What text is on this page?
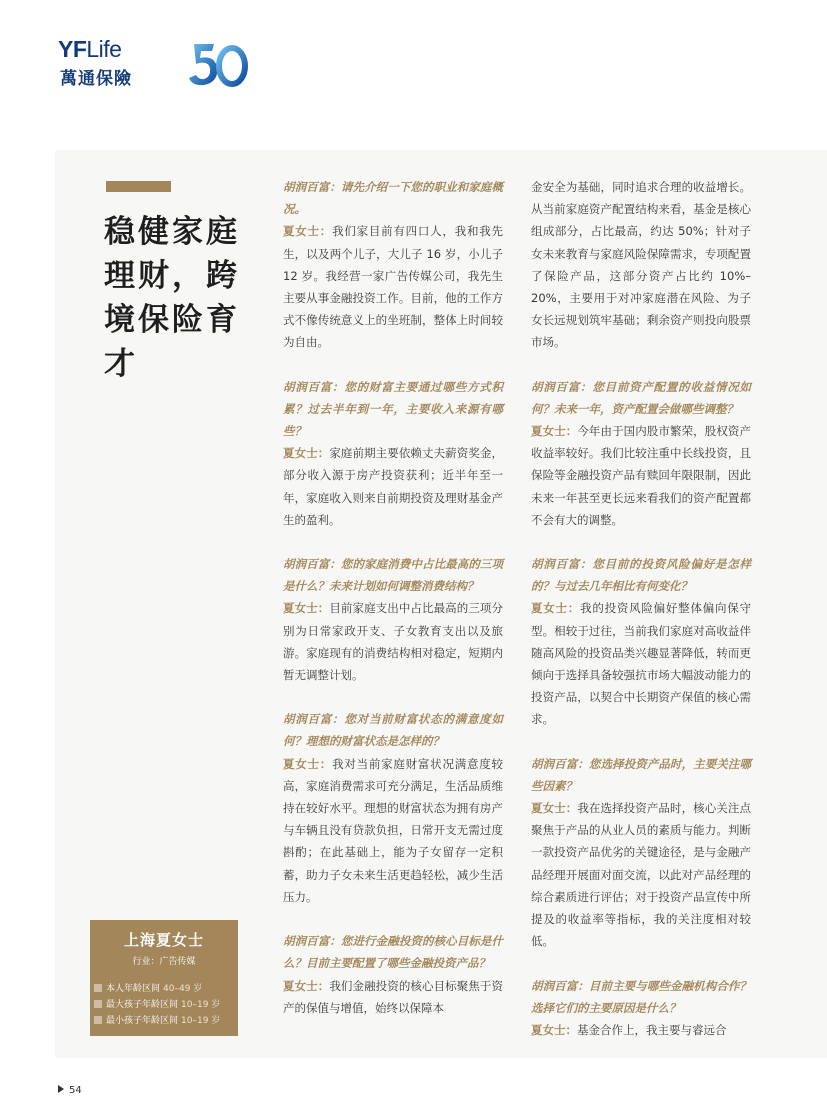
YFLife
萬通保險
稳健家庭理财，跨境保险育才
上海夏女士
行业：广告传媒
本人年龄区间 40–49 岁
最大孩子年龄区间 10–19 岁
最小孩子年龄区间 10–19 岁
胡润百富：请先介绍一下您的职业和家庭概况。
夏女士：我们家目前有四口人，我和我先生，以及两个儿子，大儿子 16 岁，小儿子 12 岁。我经营一家广告传媒公司，我先生主要从事金融投资工作。目前，他的工作方式不像传统意义上的坐班制，整体上时间较为自由。
胡润百富：您的财富主要通过哪些方式积累？过去半年到一年，主要收入来源有哪些？
夏女士：家庭前期主要依赖丈夫薪资奖金，部分收入源于房产投资获利；近半年至一年，家庭收入则来自前期投资及理财基金产生的盈利。
胡润百富：您的家庭消费中占比最高的三项是什么？未来计划如何调整消费结构？
夏女士：目前家庭支出中占比最高的三项分别为日常家政开支、子女教育支出以及旅游。家庭现有的消费结构相对稳定，短期内暂无调整计划。
胡润百富：您对当前财富状态的满意度如何？理想的财富状态是怎样的？
夏女士：我对当前家庭财富状况满意度较高，家庭消费需求可充分满足，生活品质维持在较好水平。理想的财富状态为拥有房产与车辆且没有贷款负担，日常开支无需过度斟酌；在此基础上，能为子女留存一定积蓄，助力子女未来生活更趋轻松，减少生活压力。
胡润百富：您进行金融投资的核心目标是什么？目前主要配置了哪些金融投资产品？
夏女士：我们金融投资的核心目标聚焦于资产的保值与增值，始终以保障本
金安全为基础，同时追求合理的收益增长。从当前家庭资产配置结构来看，基金是核心组成部分，占比最高，约达 50%；针对子女未来教育与家庭风险保障需求，专项配置了保险产品，这部分资产占比约 10%–20%，主要用于对冲家庭潜在风险、为子女长远规划筑牢基础；剩余资产则投向股票市场。
胡润百富：您目前资产配置的收益情况如何？未来一年，资产配置会做哪些调整？
夏女士：今年由于国内股市繁荣，股权资产收益率较好。我们比较注重中长线投资，且保险等金融投资产品有赎回年限限制，因此未来一年甚至更长远来看我们的资产配置都不会有大的调整。
胡润百富：您目前的投资风险偏好是怎样的？与过去几年相比有何变化？
夏女士：我的投资风险偏好整体偏向保守型。相较于过往，当前我们家庭对高收益伴随高风险的投资品类兴趣显著降低，转而更倾向于选择具备较强抗市场大幅波动能力的投资产品，以契合中长期资产保值的核心需求。
胡润百富：您选择投资产品时，主要关注哪些因素？
夏女士：我在选择投资产品时，核心关注点聚焦于产品的从业人员的素质与能力。判断一款投资产品优劣的关键途径，是与金融产品经理开展面对面交流，以此对产品经理的综合素质进行评估；对于投资产品宣传中所提及的收益率等指标，我的关注度相对较低。
胡润百富：目前主要与哪些金融机构合作？选择它们的主要原因是什么？
夏女士：基金合作上，我主要与睿远合
54
